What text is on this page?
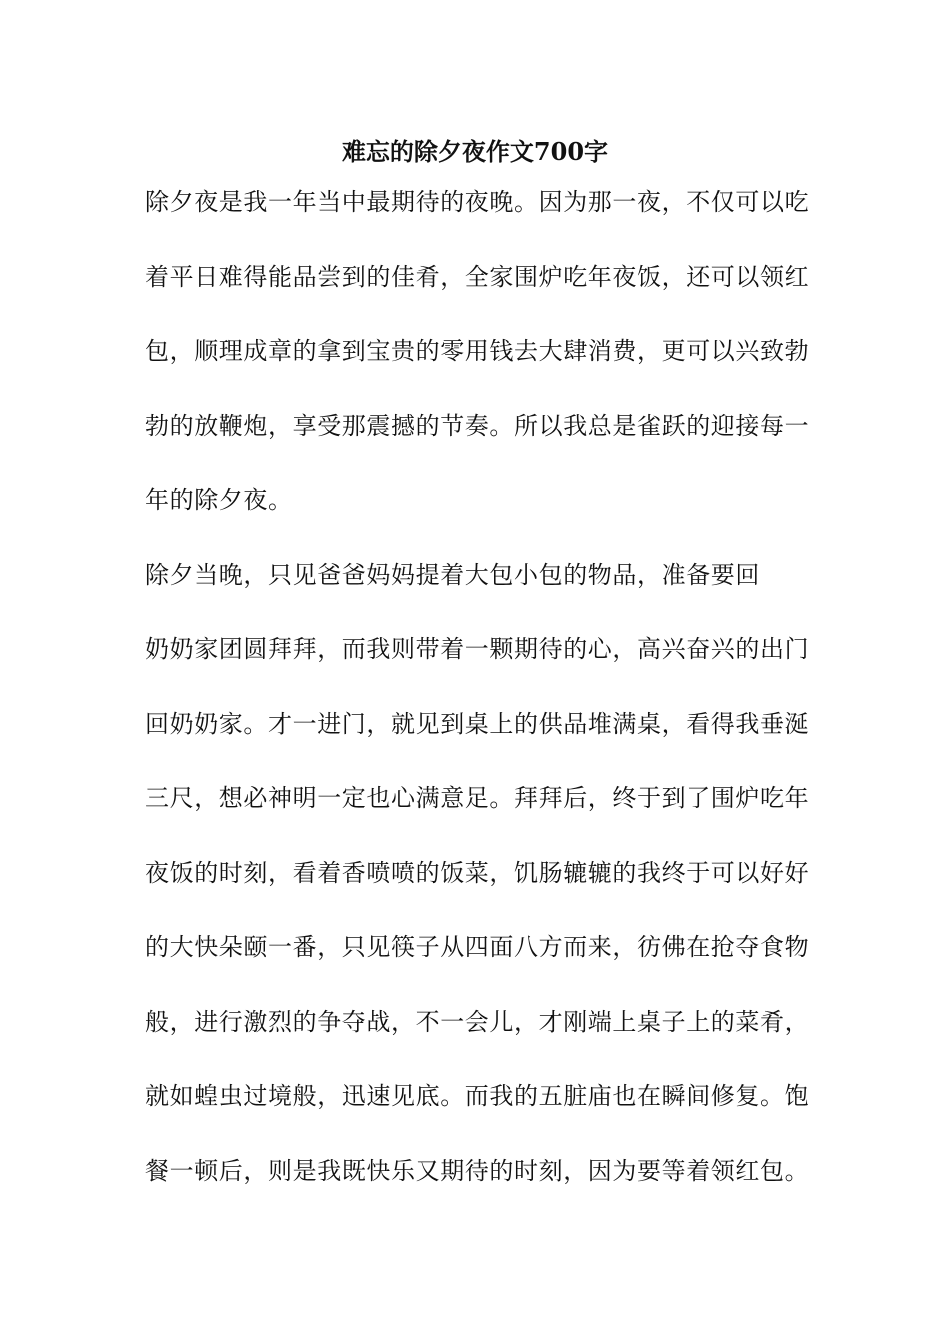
难忘的除夕夜作文700字
除夕夜是我一年当中最期待的夜晚。因为那一夜，不仅可以吃
着平日难得能品尝到的佳肴，全家围炉吃年夜饭，还可以领红
包，顺理成章的拿到宝贵的零用钱去大肆消费，更可以兴致勃
勃的放鞭炮，享受那震撼的节奏。所以我总是雀跃的迎接每一
年的除夕夜。
除夕当晚，只见爸爸妈妈提着大包小包的物品，准备要回
奶奶家团圆拜拜，而我则带着一颗期待的心，高兴奋兴的出门
回奶奶家。才一进门，就见到桌上的供品堆满桌，看得我垂涎
三尺，想必神明一定也心满意足。拜拜后，终于到了围炉吃年
夜饭的时刻，看着香喷喷的饭菜，饥肠辘辘的我终于可以好好
的大快朵颐一番，只见筷子从四面八方而来，彷佛在抢夺食物
般，进行激烈的争夺战，不一会儿，才刚端上桌子上的菜肴，
就如蝗虫过境般，迅速见底。而我的五脏庙也在瞬间修复。饱
餐一顿后，则是我既快乐又期待的时刻，因为要等着领红包。
